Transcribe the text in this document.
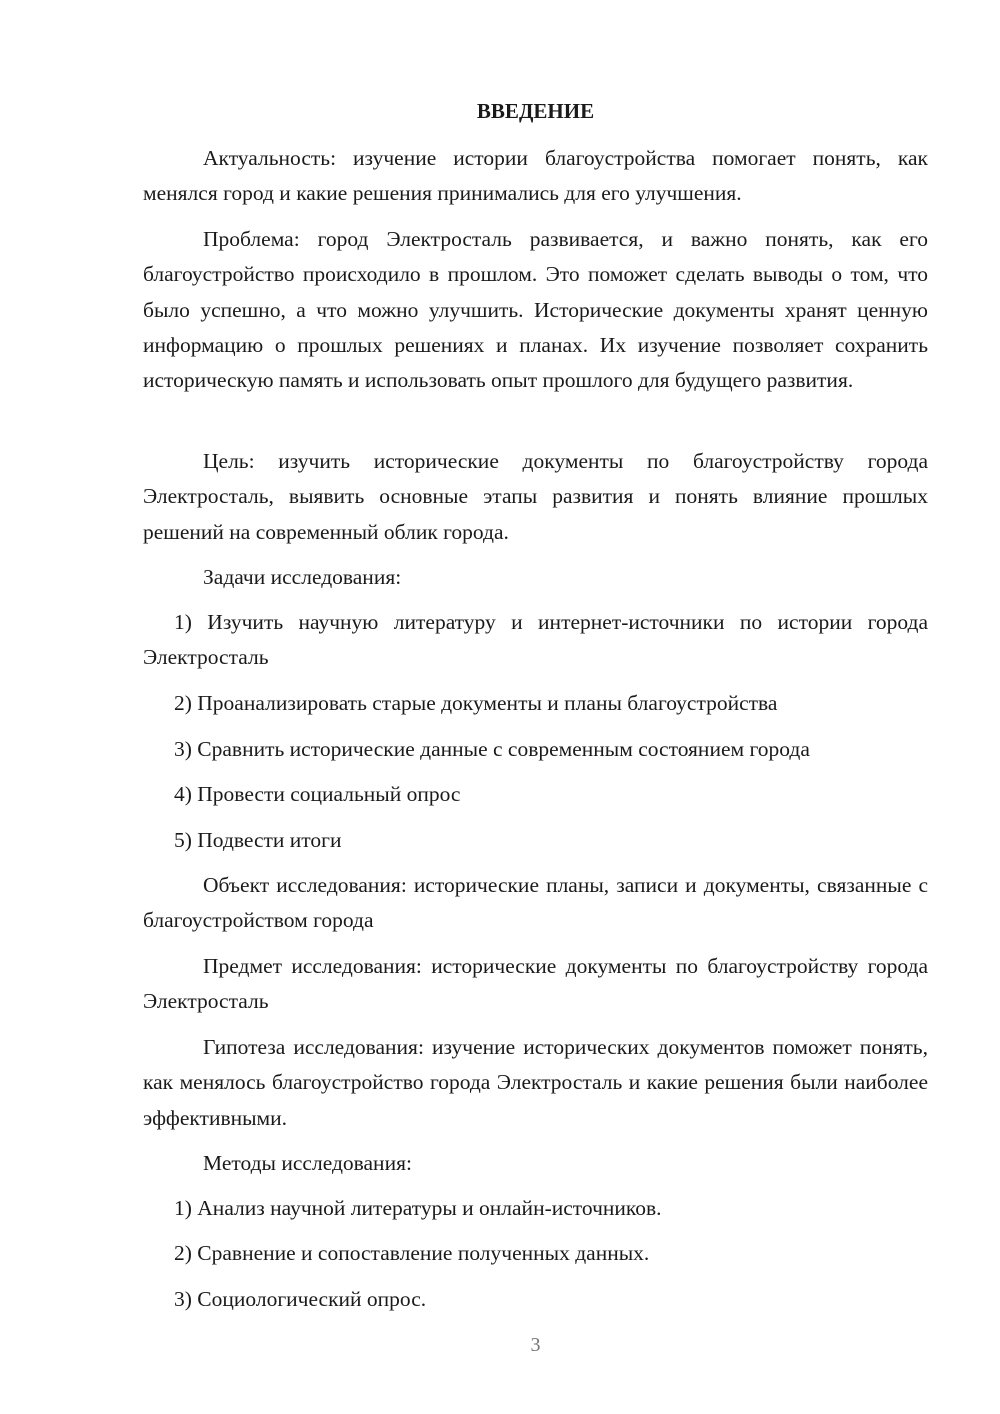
ВВЕДЕНИЕ

Актуальность: изучение истории благоустройства помогает понять, как менялся город и какие решения принимались для его улучшения.

Проблема: город Электросталь развивается, и важно понять, как его благоустройство происходило в прошлом. Это поможет сделать выводы о том, что было успешно, а что можно улучшить. Исторические документы хранят ценную информацию о прошлых решениях и планах. Их изучение позволяет сохранить историческую память и использовать опыт прошлого для будущего развития.

Цель: изучить исторические документы по благоустройству города Электросталь, выявить основные этапы развития и понять влияние прошлых решений на современный облик города.

Задачи исследования:

1) Изучить научную литературу и интернет-источники по истории города Электросталь
2) Проанализировать старые документы и планы благоустройства
3) Сравнить исторические данные с современным состоянием города
4) Провести социальный опрос
5) Подвести итоги

Объект исследования: исторические планы, записи и документы, связанные с благоустройством города

Предмет исследования: исторические документы по благоустройству города Электросталь

Гипотеза исследования: изучение исторических документов поможет понять, как менялось благоустройство города Электросталь и какие решения были наиболее эффективными.

Методы исследования:

1) Анализ научной литературы и онлайн-источников.
2) Сравнение и сопоставление полученных данных.
3) Социологический опрос.
3
